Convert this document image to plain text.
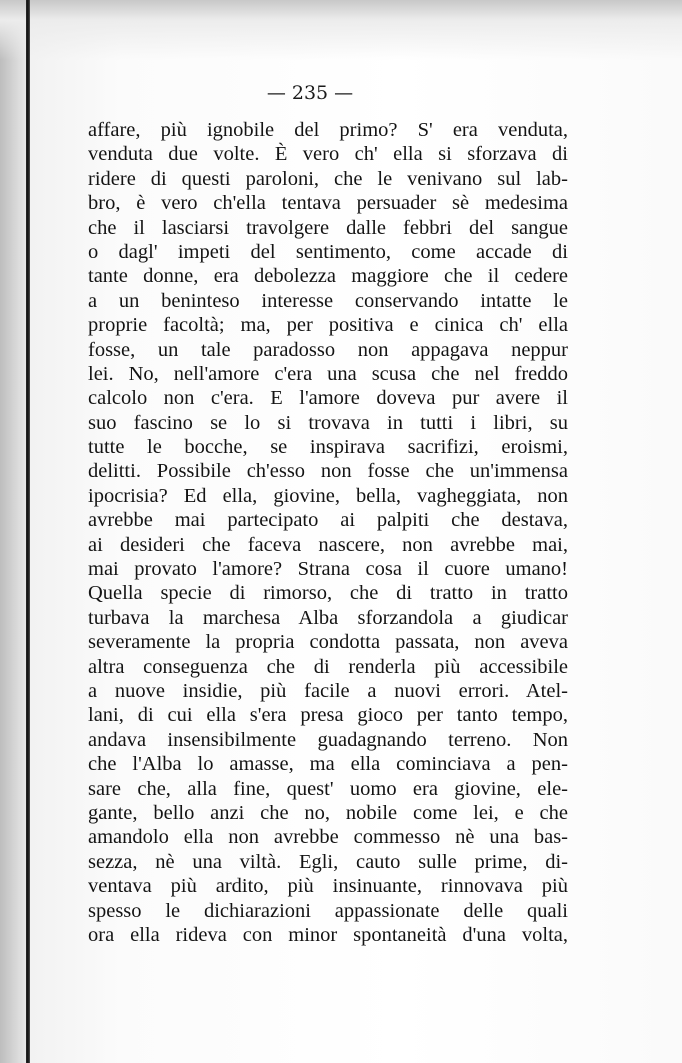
— 235 —
affare, più ignobile del primo? S' era venduta,
venduta due volte. È vero ch' ella si sforzava di
ridere di questi paroloni, che le venivano sul lab-
bro, è vero ch'ella tentava persuader sè medesima
che il lasciarsi travolgere dalle febbri del sangue
o dagl' impeti del sentimento, come accade di
tante donne, era debolezza maggiore che il cedere
a un beninteso interesse conservando intatte le
proprie facoltà; ma, per positiva e cinica ch' ella
fosse, un tale paradosso non appagava neppur
lei. No, nell'amore c'era una scusa che nel freddo
calcolo non c'era. E l'amore doveva pur avere il
suo fascino se lo si trovava in tutti i libri, su
tutte le bocche, se inspirava sacrifizi, eroismi,
delitti. Possibile ch'esso non fosse che un'immensa
ipocrisia? Ed ella, giovine, bella, vagheggiata, non
avrebbe mai partecipato ai palpiti che destava,
ai desideri che faceva nascere, non avrebbe mai,
mai provato l'amore? Strana cosa il cuore umano!
Quella specie di rimorso, che di tratto in tratto
turbava la marchesa Alba sforzandola a giudicar
severamente la propria condotta passata, non aveva
altra conseguenza che di renderla più accessibile
a nuove insidie, più facile a nuovi errori. Atel-
lani, di cui ella s'era presa gioco per tanto tempo,
andava insensibilmente guadagnando terreno. Non
che l'Alba lo amasse, ma ella cominciava a pen-
sare che, alla fine, quest' uomo era giovine, ele-
gante, bello anzi che no, nobile come lei, e che
amandolo ella non avrebbe commesso nè una bas-
sezza, nè una viltà. Egli, cauto sulle prime, di-
ventava più ardito, più insinuante, rinnovava più
spesso le dichiarazioni appassionate delle quali
ora ella rideva con minor spontaneità d'una volta,
